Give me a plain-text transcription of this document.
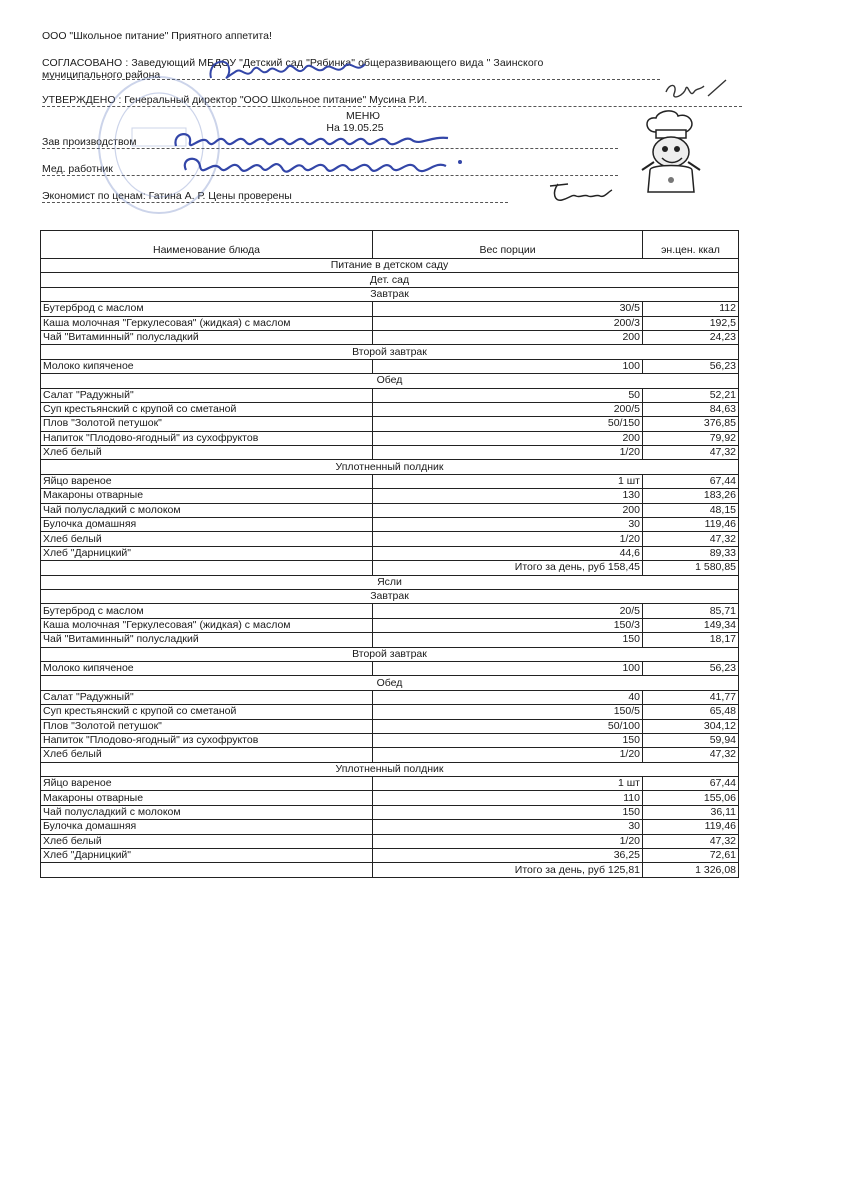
ООО "Школьное питание" Приятного аппетита!
СОГЛАСОВАНО : Заведующий МБДОУ "Детский сад "Рябинка" общеразвивающего вида " Заинского
муниципального района
УТВЕРЖДЕНО : Генеральный директор "ООО Школьное питание" Мусина Р.И.
МЕНЮ
На 19.05.25
Зав производством
Мед. работник
Экономист по ценам: Гатина А. Р. Цены проверены
Наименование блюда	Вес порции	эн.цен. ккал
Питание в детском саду		
Дет. сад		
Завтрак		
Бутерброд с маслом	30/5	112
Каша молочная "Геркулесовая" (жидкая) с маслом	200/3	192,5
Чай "Витаминный" полусладкий	200	24,23
Второй завтрак		
Молоко кипяченое	100	56,23
Обед		
Салат "Радужный"	50	52,21
Суп крестьянский с крупой со сметаной	200/5	84,63
Плов "Золотой петушок"	50/150	376,85
Напиток "Плодово-ягодный" из сухофруктов	200	79,92
Хлеб белый	1/20	47,32
Уплотненный полдник		
Яйцо вареное	1 шт	67,44
Макароны отварные	130	183,26
Чай полусладкий с молоком	200	48,15
Булочка домашняя	30	119,46
Хлеб белый	1/20	47,32
Хлеб "Дарницкий"	44,6	89,33
	Итого за день, руб 158,45	1 580,85
Ясли		
Завтрак		
Бутерброд с маслом	20/5	85,71
Каша молочная "Геркулесовая" (жидкая) с маслом	150/3	149,34
Чай "Витаминный" полусладкий	150	18,17
Второй завтрак		
Молоко кипяченое	100	56,23
Обед		
Салат "Радужный"	40	41,77
Суп крестьянский с крупой со сметаной	150/5	65,48
Плов "Золотой петушок"	50/100	304,12
Напиток "Плодово-ягодный" из сухофруктов	150	59,94
Хлеб белый	1/20	47,32
Уплотненный полдник		
Яйцо вареное	1 шт	67,44
Макароны отварные	110	155,06
Чай полусладкий с молоком	150	36,11
Булочка домашняя	30	119,46
Хлеб белый	1/20	47,32
Хлеб "Дарницкий"	36,25	72,61
	Итого за день, руб 125,81	1 326,08
